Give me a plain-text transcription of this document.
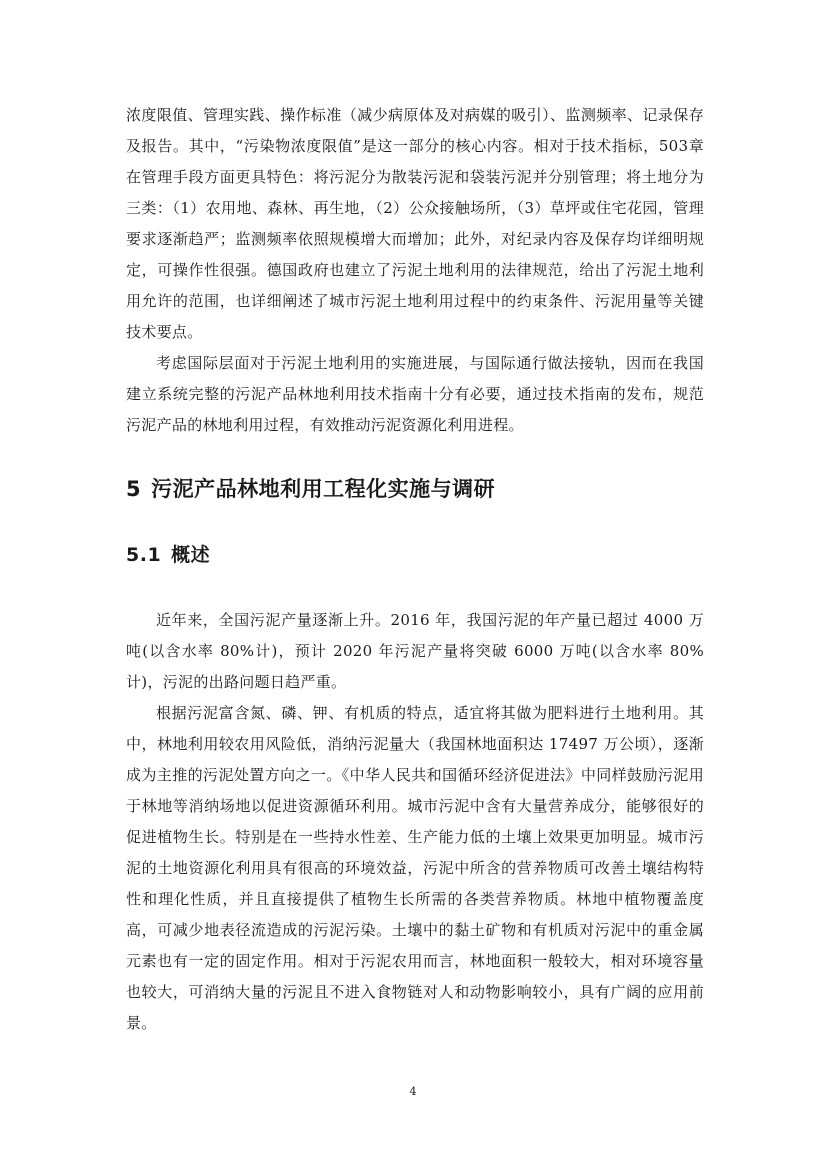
浓度限值、管理实践、操作标准（减少病原体及对病媒的吸引）、监测频率、记录保存及报告。其中，“污染物浓度限值”是这一部分的核心内容。相对于技术指标，503章在管理手段方面更具特色：将污泥分为散装污泥和袋装污泥并分别管理；将土地分为三类：（1）农用地、森林、再生地，（2）公众接触场所，（3）草坪或住宅花园，管理要求逐渐趋严；监测频率依照规模增大而增加；此外，对纪录内容及保存均详细明规定，可操作性很强。德国政府也建立了污泥土地利用的法律规范，给出了污泥土地利用允许的范围，也详细阐述了城市污泥土地利用过程中的约束条件、污泥用量等关键技术要点。

考虑国际层面对于污泥土地利用的实施进展，与国际通行做法接轨，因而在我国建立系统完整的污泥产品林地利用技术指南十分有必要，通过技术指南的发布，规范污泥产品的林地利用过程，有效推动污泥资源化利用进程。

5 污泥产品林地利用工程化实施与调研
5.1 概述

近年来，全国污泥产量逐渐上升。2016 年，我国污泥的年产量已超过 4000 万吨(以含水率 80%计)，预计 2020 年污泥产量将突破 6000 万吨(以含水率 80%计)，污泥的出路问题日趋严重。

根据污泥富含氮、磷、钾、有机质的特点，适宜将其做为肥料进行土地利用。其中，林地利用较农用风险低，消纳污泥量大（我国林地面积达 17497 万公顷），逐渐成为主推的污泥处置方向之一。《中华人民共和国循环经济促进法》中同样鼓励污泥用于林地等消纳场地以促进资源循环利用。城市污泥中含有大量营养成分，能够很好的促进植物生长。特别是在一些持水性差、生产能力低的土壤上效果更加明显。城市污泥的土地资源化利用具有很高的环境效益，污泥中所含的营养物质可改善土壤结构特性和理化性质，并且直接提供了植物生长所需的各类营养物质。林地中植物覆盖度高，可减少地表径流造成的污泥污染。土壤中的黏土矿物和有机质对污泥中的重金属元素也有一定的固定作用。相对于污泥农用而言，林地面积一般较大，相对环境容量也较大，可消纳大量的污泥且不进入食物链对人和动物影响较小，具有广阔的应用前景。

4
